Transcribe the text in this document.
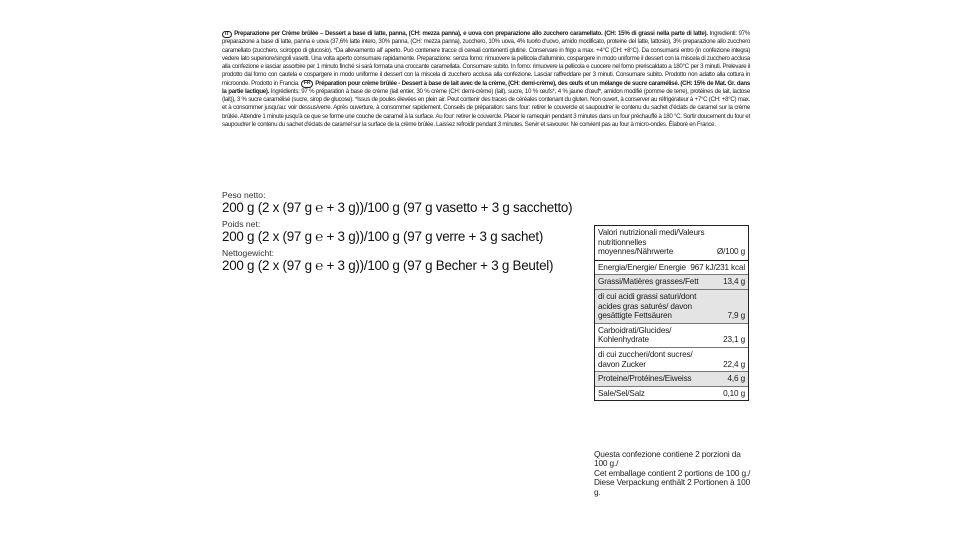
IT Preparazione per Crème brûlée – Dessert a base di latte, panna, (CH: mezza panna), e uova con preparazione allo zucchero caramellato. (CH: 15% di grassi nella parte di latte). Ingredienti: 97% preparazione a base di latte, panna e uova (37,6% latte intero, 30% panna, (CH: mezza panna), zucchero, 10% uova, 4% tuorlo d'uovo, amido modificato, proteine del latte, lattosio), 3% preparazione allo zucchero caramellato (zucchero, sciroppo di glucosio). *Da allevamento all' aperto. Può contenere tracce di cereali contenenti glutine. Conservare in frigo a max. +4°C (CH: +8°C). Da consumarsi entro (in confezione integra) vedere lato superiore/singoli vasetti. Una volta aperto consumare rapidamente. Preparazione: senza forno: rimuovere la pellicola d'alluminio, cospargere in modo uniforme il dessert con la miscela di zucchero acclusa alla confezione e lasciar assorbire per 1 minuto finché si sarà formata una croccante caramellata. Consumare subito. In forno: rimuovere la pellicola e cuocere nel forno preriscaldato a 180°C per 3 minuti. Prelevare il prodotto dal forno con cautela e cospargere in modo uniforme il dessert con la miscela di zucchero acclusa alla confezione. Lasciar raffreddare per 3 minuti. Consumare subito. Prodotto non adatto alla cottura in microonde. Prodotto in Francia. FR Préparation pour crème brûlée - Dessert à base de lait avec de la crème, (CH: demi-crème), des œufs et un mélange de sucre caramélisé. (CH: 15% de Mat. Gr. dans la partie lactique). Ingrédients: 97 % préparation à base de crème (lait entier, 30 % crème (CH: demi-crème) (lait), sucre, 10 % œufs*, 4 % jaune d'œuf*, amidon modifié (pomme de terre), protéines de lait, lactose (lait)), 3 % sucre caramélisé (sucre, sirop de glucose). *Issus de poules élevées en plein air. Peut contenir des traces de céréales contenant du gluten. Non ouvert, à conserver au réfrigérateur à +7°C (CH: +8°C) max. et à consommer jusqu'au: voir dessus/verre. Après ouverture, à consommer rapidement. Conseils de préparation: sans four: retirer le couvercle et saupoudrer le contenu du sachet d'éclats de caramel sur la crème brûlée. Attendre 1 minute jusqu'à ce que se forme une couche de caramel à la surface. Au four: retirer le couvercle. Placer le ramequin pendant 3 minutes dans un four préchauffé à 180 °C. Sortir doucement du four et saupoudrer le contenu du sachet d'éclats de caramel sur la surface de la crème brûlée. Laissez refroidir pendant 3 minutes. Servir et savourer. Ne convient pas au four à micro-ondes. Élaboré en France.

Peso netto:
200 g (2 x (97 g ℮ + 3 g))/100 g (97 g vasetto + 3 g sacchetto)
Poids net:
200 g (2 x (97 g ℮ + 3 g))/100 g (97 g verre + 3 g sachet)
Nettogewicht:
200 g (2 x (97 g ℮ + 3 g))/100 g (97 g Becher + 3 g Beutel)
Valori nutrizionali medi/Valeurs nutritionnelles moyennes/Nährwerte	Ø/100 g
Energia/Energie/ Energie 967 kJ/231 kcal
Grassi/Matières grasses/Fett	13,4 g
di cui acidi grassi saturi/dont acides gras saturés/ davon gesättigte Fettsäuren	7,9 g
Carboidrati/Glucides/ Kohlenhydrate	23,1 g
di cui zuccheri/dont sucres/ davon Zucker	22,4 g
Proteine/Protéines/Eiweiss	4,6 g
Sale/Sel/Salz	0,10 g
Questa confezione contiene 2 porzioni da 100 g./
Cet emballage contient 2 portions de 100 g./
Diese Verpackung enthält 2 Portionen à 100 g.
